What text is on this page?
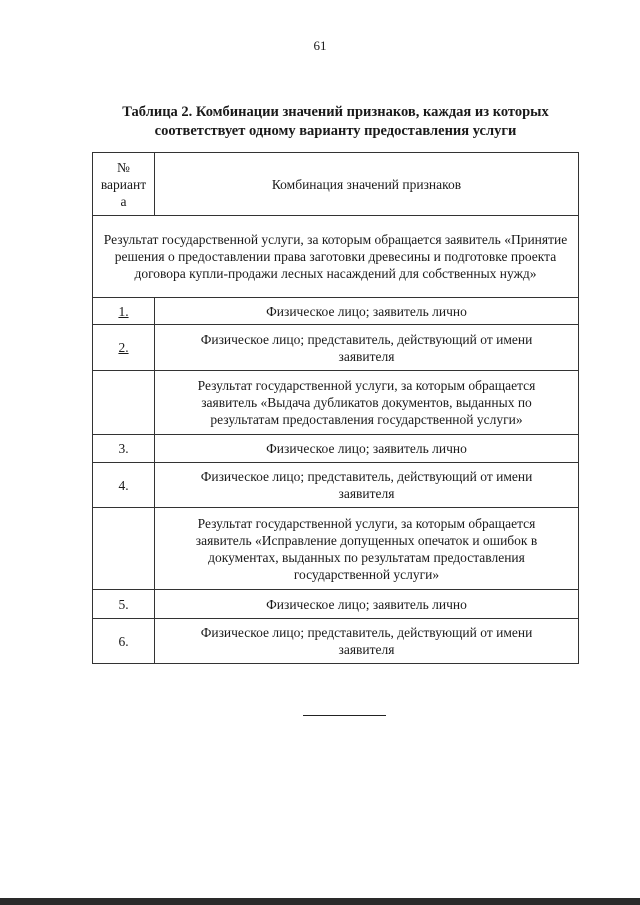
61
Таблица 2. Комбинации значений признаков, каждая из которых
соответствует одному варианту предоставления услуги
№
вариант
а	Комбинация значений признаков
Результат государственной услуги, за которым обращается заявитель «Принятие решения о предоставлении права заготовки древесины и подготовке проекта договора купли-продажи лесных насаждений для собственных нужд»	
1.	Физическое лицо; заявитель лично
2.	Физическое лицо; представитель, действующий от имени заявителя
	Результат государственной услуги, за которым обращается заявитель «Выдача дубликатов документов, выданных по результатам предоставления государственной услуги»
3.	Физическое лицо; заявитель лично
4.	Физическое лицо; представитель, действующий от имени заявителя
	Результат государственной услуги, за которым обращается заявитель «Исправление допущенных опечаток и ошибок в документах, выданных по результатам предоставления государственной услуги»
5.	Физическое лицо; заявитель лично
6.	Физическое лицо; представитель, действующий от имени заявителя
